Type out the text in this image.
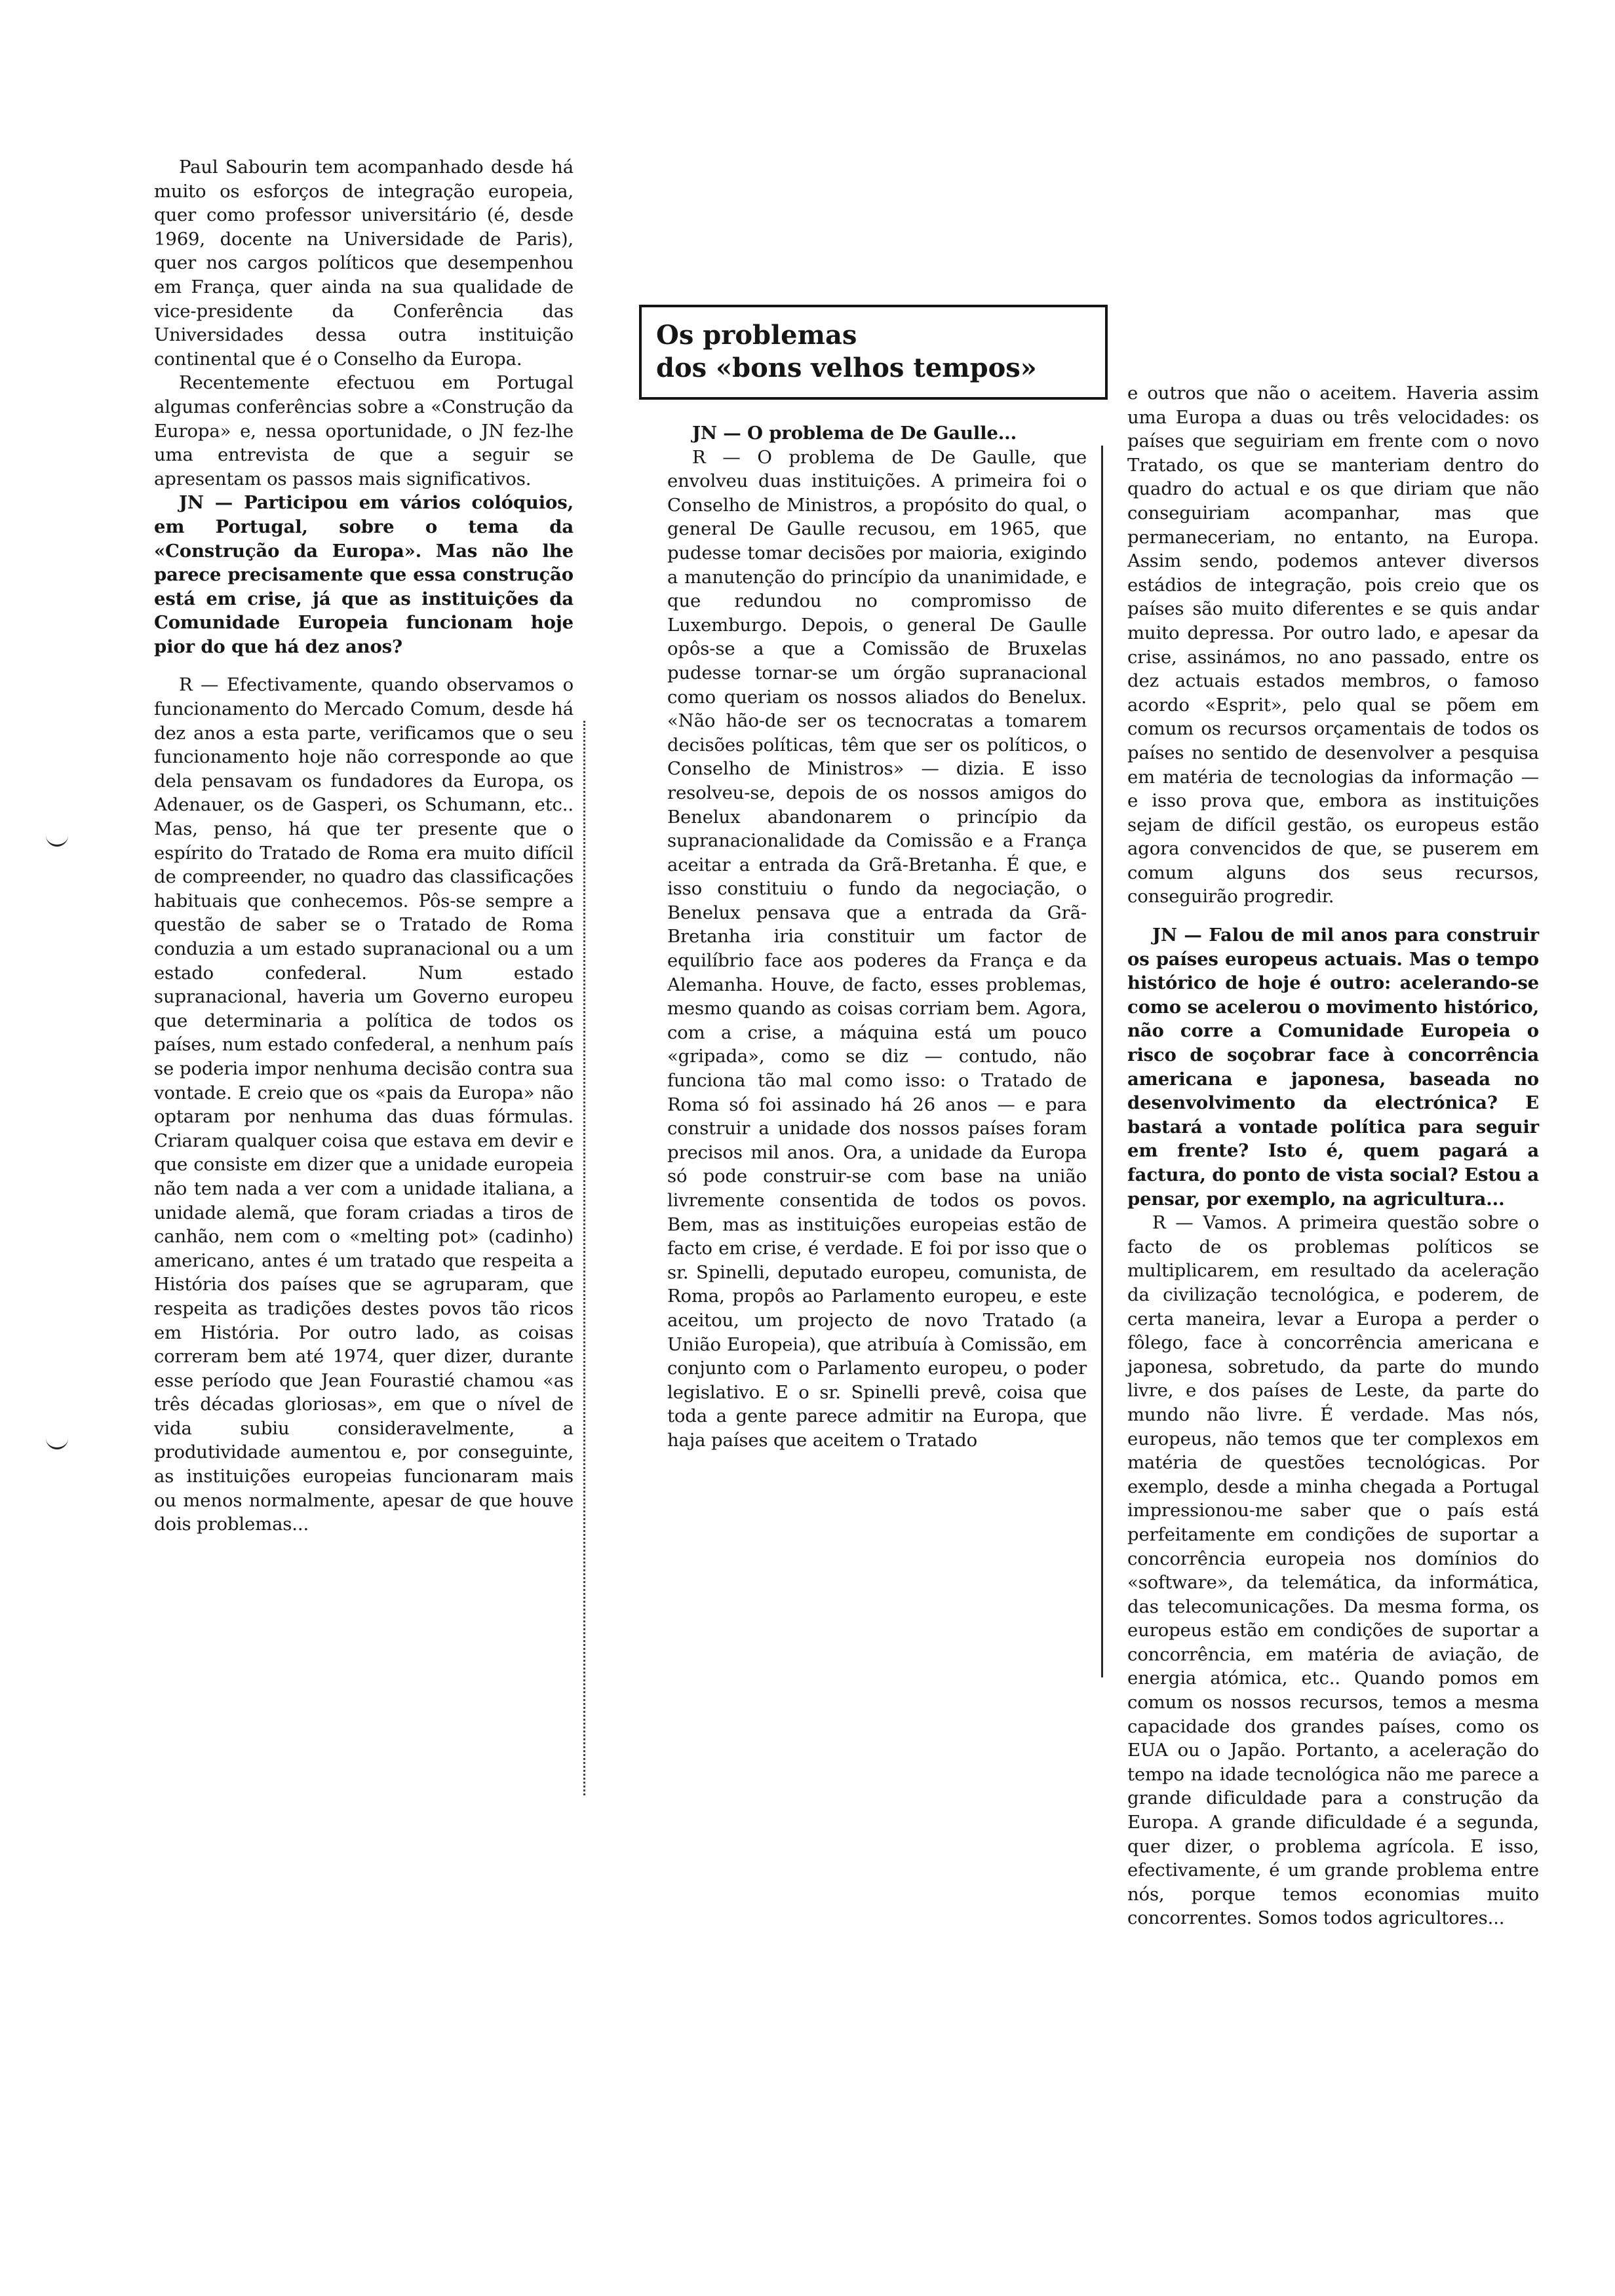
Paul Sabourin tem acompanhado desde há muito os esforços de integração europeia, quer como professor universitário (é, desde 1969, docente na Universidade de Paris), quer nos cargos políticos que desempenhou em França, quer ainda na sua qualidade de vice-presidente da Conferência das Universidades dessa outra instituição continental que é o Conselho da Europa.

Recentemente efectuou em Portugal algumas conferências sobre a «Construção da Europa» e, nessa oportunidade, o JN fez-lhe uma entrevista de que a seguir se apresentam os passos mais significativos.

JN — Participou em vários colóquios, em Portugal, sobre o tema da «Construção da Europa». Mas não lhe parece precisamente que essa construção está em crise, já que as instituições da Comunidade Europeia funcionam hoje pior do que há dez anos?

R — Efectivamente, quando observamos o funcionamento do Mercado Comum, desde há dez anos a esta parte, verificamos que o seu funcionamento hoje não corresponde ao que dela pensavam os fundadores da Europa, os Adenauer, os de Gasperi, os Schumann, etc.. Mas, penso, há que ter presente que o espírito do Tratado de Roma era muito difícil de compreender, no quadro das classificações habituais que conhecemos. Pôs-se sempre a questão de saber se o Tratado de Roma conduzia a um estado supranacional ou a um estado confederal. Num estado supranacional, haveria um Governo europeu que determinaria a política de todos os países, num estado confederal, a nenhum país se poderia impor nenhuma decisão contra sua vontade. E creio que os «pais da Europa» não optaram por nenhuma das duas fórmulas. Criaram qualquer coisa que estava em devir e que consiste em dizer que a unidade europeia não tem nada a ver com a unidade italiana, a unidade alemã, que foram criadas a tiros de canhão, nem com o «melting pot» (cadinho) americano, antes é um tratado que respeita a História dos países que se agruparam, que respeita as tradições destes povos tão ricos em História. Por outro lado, as coisas correram bem até 1974, quer dizer, durante esse período que Jean Fourastié chamou «as três décadas gloriosas», em que o nível de vida subiu consideravelmente, a produtividade aumentou e, por conseguinte, as instituições europeias funcionaram mais ou menos normalmente, apesar de que houve dois problemas...

Os problemas
dos «bons velhos tempos»

JN — O problema de De Gaulle...

R — O problema de De Gaulle, que envolveu duas instituições. A primeira foi o Conselho de Ministros, a propósito do qual, o general De Gaulle recusou, em 1965, que pudesse tomar decisões por maioria, exigindo a manutenção do princípio da unanimidade, e que redundou no compromisso de Luxemburgo. Depois, o general De Gaulle opôs-se a que a Comissão de Bruxelas pudesse tornar-se um órgão supranacional como queriam os nossos aliados do Benelux. «Não hão-de ser os tecnocratas a tomarem decisões políticas, têm que ser os políticos, o Conselho de Ministros» — dizia. E isso resolveu-se, depois de os nossos amigos do Benelux abandonarem o princípio da supranacionalidade da Comissão e a França aceitar a entrada da Grã-Bretanha. É que, e isso constituiu o fundo da negociação, o Benelux pensava que a entrada da Grã-Bretanha iria constituir um factor de equilíbrio face aos poderes da França e da Alemanha. Houve, de facto, esses problemas, mesmo quando as coisas corriam bem. Agora, com a crise, a máquina está um pouco «gripada», como se diz — contudo, não funciona tão mal como isso: o Tratado de Roma só foi assinado há 26 anos — e para construir a unidade dos nossos países foram precisos mil anos. Ora, a unidade da Europa só pode construir-se com base na união livremente consentida de todos os povos. Bem, mas as instituições europeias estão de facto em crise, é verdade. E foi por isso que o sr. Spinelli, deputado europeu, comunista, de Roma, propôs ao Parlamento europeu, e este aceitou, um projecto de novo Tratado (a União Europeia), que atribuía à Comissão, em conjunto com o Parlamento europeu, o poder legislativo. E o sr. Spinelli prevê, coisa que toda a gente parece admitir na Europa, que haja países que aceitem o Tratado

e outros que não o aceitem. Haveria assim uma Europa a duas ou três velocidades: os países que seguiriam em frente com o novo Tratado, os que se manteriam dentro do quadro do actual e os que diriam que não conseguiriam acompanhar, mas que permaneceriam, no entanto, na Europa. Assim sendo, podemos antever diversos estádios de integração, pois creio que os países são muito diferentes e se quis andar muito depressa. Por outro lado, e apesar da crise, assinámos, no ano passado, entre os dez actuais estados membros, o famoso acordo «Esprit», pelo qual se põem em comum os recursos orçamentais de todos os países no sentido de desenvolver a pesquisa em matéria de tecnologias da informação — e isso prova que, embora as instituições sejam de difícil gestão, os europeus estão agora convencidos de que, se puserem em comum alguns dos seus recursos, conseguirão progredir.

JN — Falou de mil anos para construir os países europeus actuais. Mas o tempo histórico de hoje é outro: acelerando-se como se acelerou o movimento histórico, não corre a Comunidade Europeia o risco de soçobrar face à concorrência americana e japonesa, baseada no desenvolvimento da electrónica? E bastará a vontade política para seguir em frente? Isto é, quem pagará a factura, do ponto de vista social? Estou a pensar, por exemplo, na agricultura...

R — Vamos. A primeira questão sobre o facto de os problemas políticos se multiplicarem, em resultado da aceleração da civilização tecnológica, e poderem, de certa maneira, levar a Europa a perder o fôlego, face à concorrência americana e japonesa, sobretudo, da parte do mundo livre, e dos países de Leste, da parte do mundo não livre. É verdade. Mas nós, europeus, não temos que ter complexos em matéria de questões tecnológicas. Por exemplo, desde a minha chegada a Portugal impressionou-me saber que o país está perfeitamente em condições de suportar a concorrência europeia nos domínios do «software», da telemática, da informática, das telecomunicações. Da mesma forma, os europeus estão em condições de suportar a concorrência, em matéria de aviação, de energia atómica, etc.. Quando pomos em comum os nossos recursos, temos a mesma capacidade dos grandes países, como os EUA ou o Japão. Portanto, a aceleração do tempo na idade tecnológica não me parece a grande dificuldade para a construção da Europa. A grande dificuldade é a segunda, quer dizer, o problema agrícola. E isso, efectivamente, é um grande problema entre nós, porque temos economias muito concorrentes. Somos todos agricultores...
